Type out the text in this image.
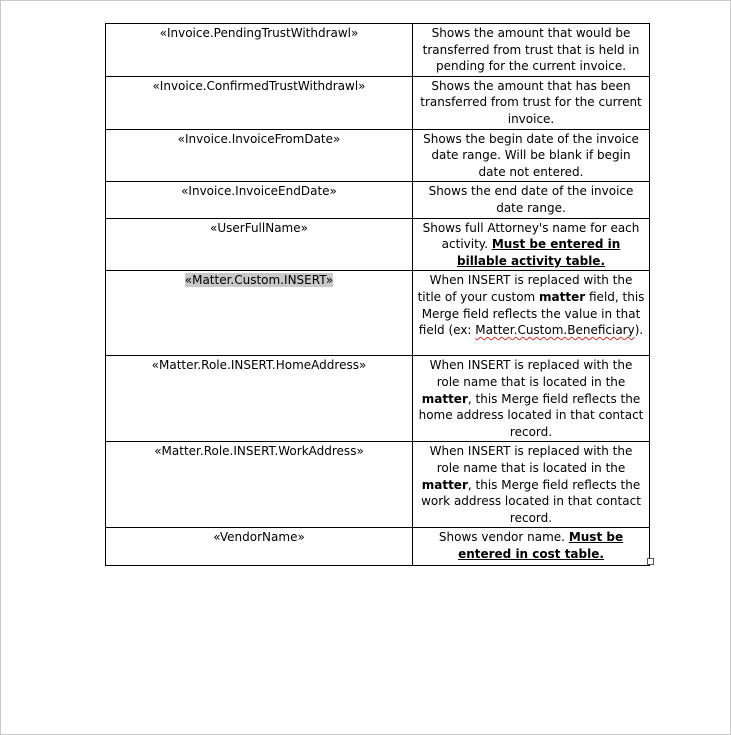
«Invoice.PendingTrustWithdrawl»	Shows the amount that would be transferred from trust that is held in pending for the current invoice.
«Invoice.ConfirmedTrustWithdrawl»	Shows the amount that has been transferred from trust for the current invoice.
«Invoice.InvoiceFromDate»	Shows the begin date of the invoice date range. Will be blank if begin date not entered.
«Invoice.InvoiceEndDate»	Shows the end date of the invoice date range.
«UserFullName»	Shows full Attorney's name for each activity. Must be entered in billable activity table.
«Matter.Custom.INSERT»	When INSERT is replaced with the title of your custom matter field, this Merge field reflects the value in that field (ex: Matter.Custom.Beneficiary).
«Matter.Role.INSERT.HomeAddress»	When INSERT is replaced with the role name that is located in the matter, this Merge field reflects the home address located in that contact record.
«Matter.Role.INSERT.WorkAddress»	When INSERT is replaced with the role name that is located in the matter, this Merge field reflects the work address located in that contact record.
«VendorName»	Shows vendor name. Must be entered in cost table.
